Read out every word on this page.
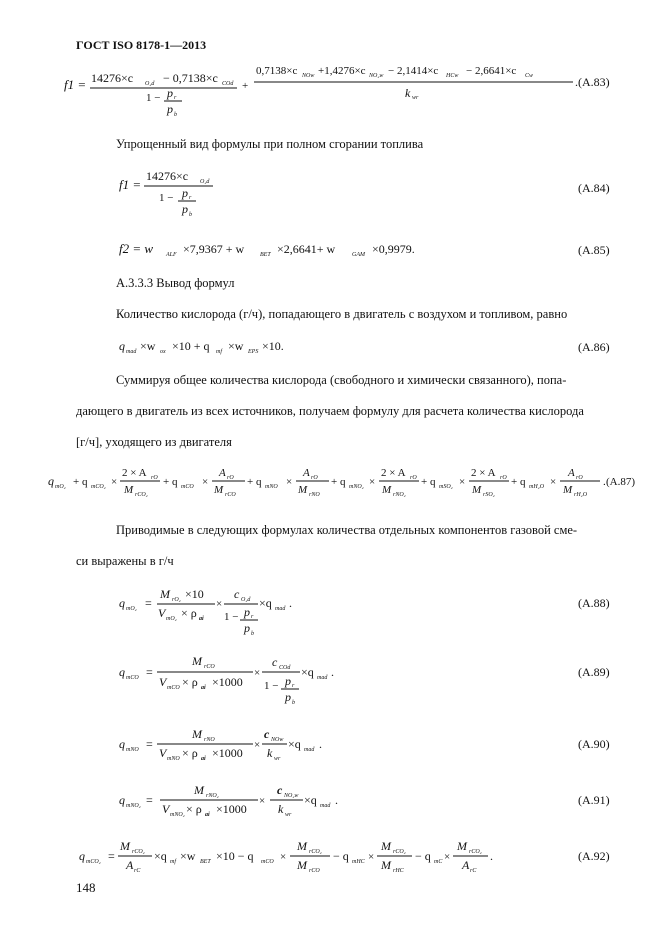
ГОСТ ISO 8178-1—2013
f1 = 14276×c O₂d − 0,7138×c COd
1 − p r
p b
+
0,7138×c NOw +1,4276×c NO₂w − 2,1414×c HCw − 2,6641×c Cw
k wr
. (A.83)
Упрощенный вид формулы при полном сгорании топлива
f1 =
14276×c O₂d
1 − p r
p b
(A.84)
f2 = w ALF ×7,9367 + w	BET ×2,6641+ w	GAM ×0,9979.	(A.85)
A.3.3.3 Вывод формул
Количество кислорода (г/ч), попадающего в двигатель с воздухом и топливом, равно
q mad ×w ox ×10 + q mf ×w EPS ×10.	(A.86)
Суммируя общее количества кислорода (свободного и химически связанного), попа-
дающего в двигатель из всех источников, получаем формулу для расчета количества кислорода
[г/ч], уходящего из двигателя
q mO₂ + q mCO₂ ×
2 × A rO
M rCO₂
+ q mCO ×
A rO
M rCO
+ q mNO ×
A rO
M rNO
+ q mNO₂ ×
2 × A rO
M rNO₂
+ q mSO₂ ×
2 × A rO
M rSO₂
+ q mH₂O ×
A rO
M rH₂O
. (A.87)
Приводимые в следующих формулах количества отдельных компонентов газовой сме-
си выражены в г/ч
q mO₂ =
M rO₂ ×10
V mO₂ × ρ ai
×
c O₂d
1 − p r
p b
×q mad .	(A.88)
q mCO =
M rCO
V mCO × ρ ai ×1000
×
c COd
1 − p r
p b
×q mad .	(A.89)
q mNO =
M rNO
V mNO × ρ ai ×1000
×
c NOw
k wr
×q mad .	(A.90)
q mNO₂ =
M rNO₂
V mNO₂ × ρ ai ×1000
×
c NO₂w
k wr
×q mad .	(A.91)
q mCO₂ =
M rCO₂
A rC
×q mf ×w BET ×10 − q mCO ×
M rCO₂
M rCO
− q mHC ×
M rCO₂
M rHC
− q mC ×
M rCO₂
A rC
.	(A.92)
148
